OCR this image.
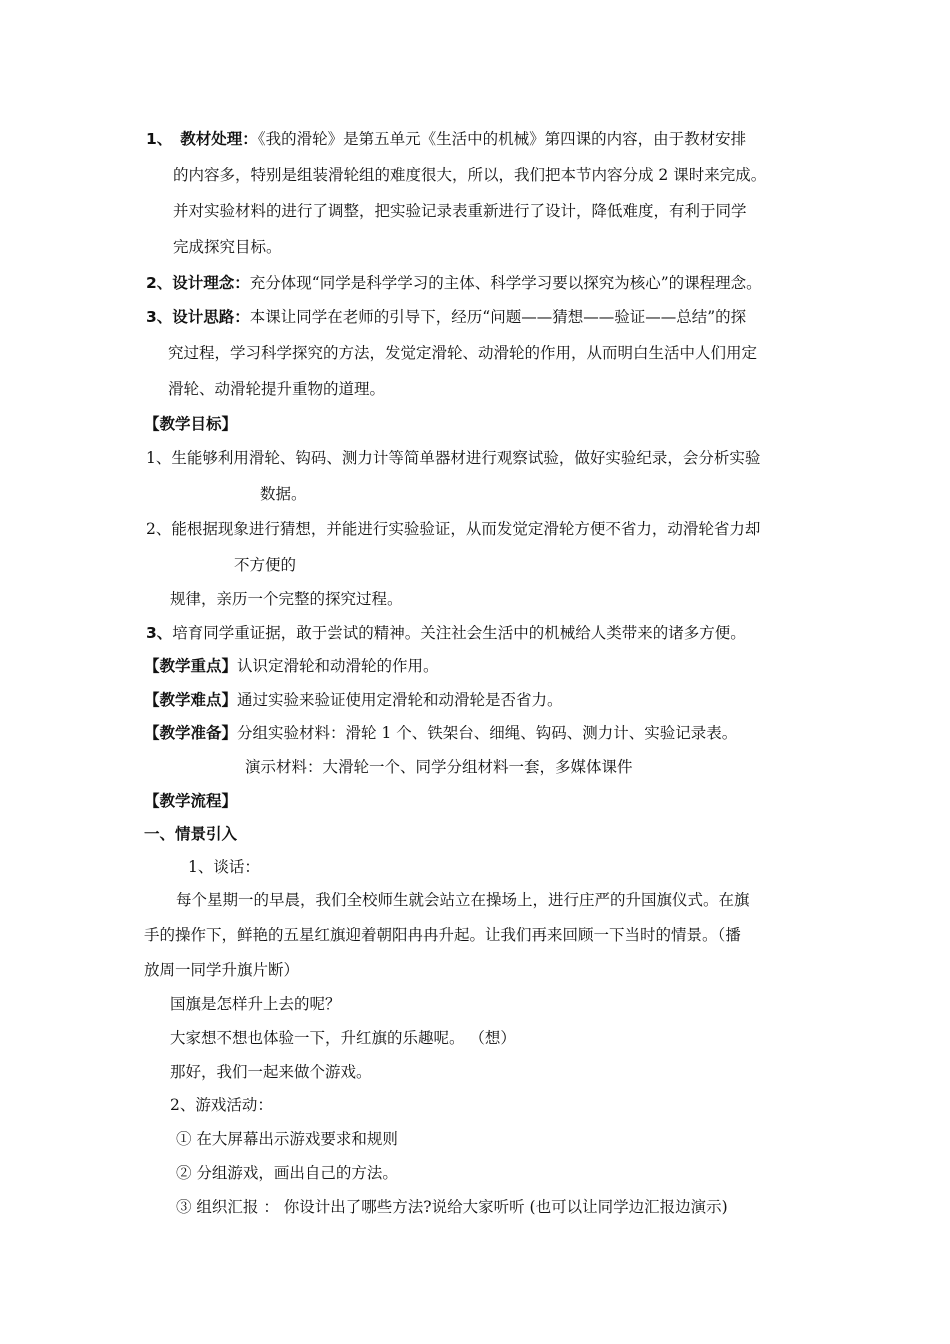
1、 教材处理：《我的滑轮》是第五单元《生活中的机械》第四课的内容，由于教材安排
的内容多，特别是组装滑轮组的难度很大，所以，我们把本节内容分成 2 课时来完成。
并对实验材料的进行了调整，把实验记录表重新进行了设计，降低难度，有利于同学
完成探究目标。
2、设计理念：充分体现“同学是科学学习的主体、科学学习要以探究为核心”的课程理念。
3、设计思路：本课让同学在老师的引导下，经历“问题——猜想——验证——总结”的探
究过程，学习科学探究的方法，发觉定滑轮、动滑轮的作用，从而明白生活中人们用定
滑轮、动滑轮提升重物的道理。
【教学目标】
1、生能够利用滑轮、钩码、测力计等简单器材进行观察试验，做好实验纪录，会分析实验
数据。
2、能根据现象进行猜想，并能进行实验验证，从而发觉定滑轮方便不省力，动滑轮省力却
不方便的
规律，亲历一个完整的探究过程。
3、培育同学重证据，敢于尝试的精神。关注社会生活中的机械给人类带来的诸多方便。
【教学重点】认识定滑轮和动滑轮的作用。
【教学难点】通过实验来验证使用定滑轮和动滑轮是否省力。
【教学准备】分组实验材料：滑轮 1 个、铁架台、细绳、钩码、测力计、实验记录表。
演示材料：大滑轮一个、同学分组材料一套，多媒体课件
【教学流程】
一、情景引入
1、谈话：
每个星期一的早晨，我们全校师生就会站立在操场上，进行庄严的升国旗仪式。在旗
手的操作下，鲜艳的五星红旗迎着朝阳冉冉升起。让我们再来回顾一下当时的情景。（播
放周一同学升旗片断）
国旗是怎样升上去的呢？
大家想不想也体验一下，升红旗的乐趣呢。 （想）
那好，我们一起来做个游戏。
2、游戏活动：
① 在大屏幕出示游戏要求和规则
② 分组游戏，画出自己的方法。
③ 组织汇报 ： 你设计出了哪些方法?说给大家听听 (也可以让同学边汇报边演示)
